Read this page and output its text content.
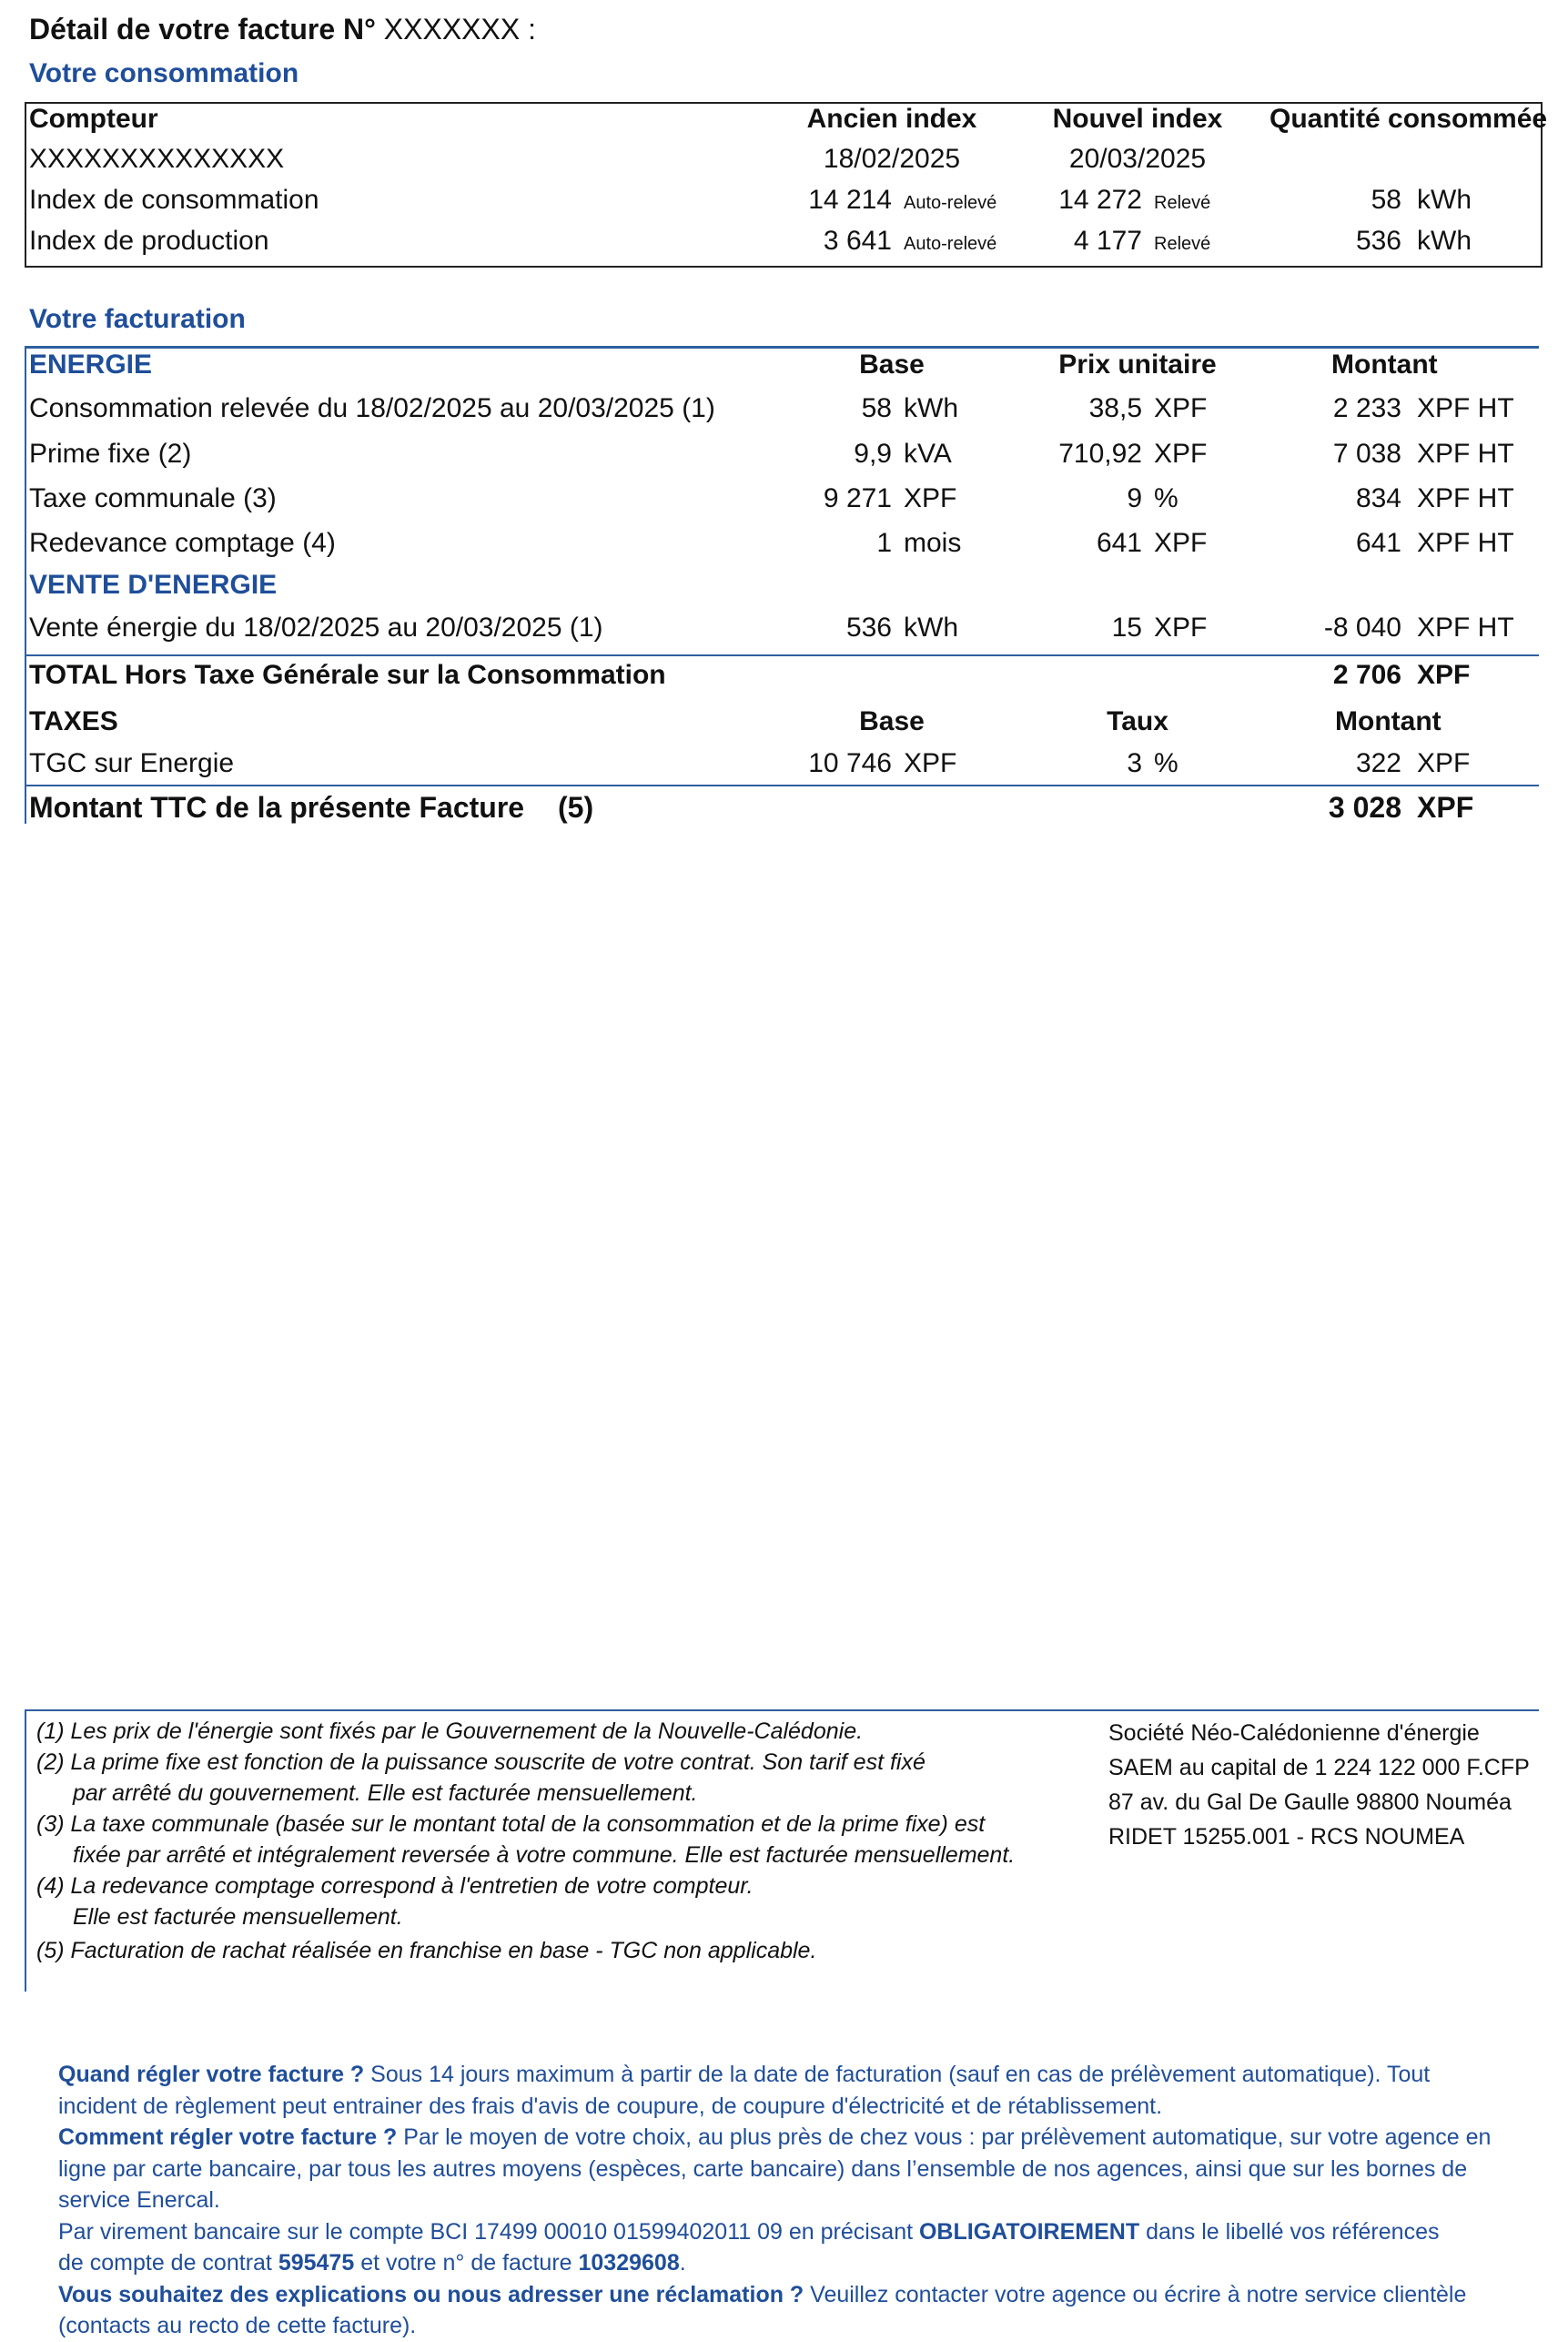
Détail de votre facture N° XXXXXXX :
Votre consommation
Compteur	Ancien index	Nouvel index	Quantité consommée
XXXXXXXXXXXXXX	18/02/2025	20/03/2025
Index de consommation	14 214 Auto-relevé	14 272 Relevé	58 kWh
Index de production	3 641 Auto-relevé	4 177 Relevé	536 kWh
Votre facturation
ENERGIE	Base	Prix unitaire	Montant
Consommation relevée du 18/02/2025 au 20/03/2025 (1)	58 kWh	38,5 XPF	2 233 XPF HT
Prime fixe (2)	9,9 kVA	710,92 XPF	7 038 XPF HT
Taxe communale (3)	9 271 XPF	9 %	834 XPF HT
Redevance comptage (4)	1 mois	641 XPF	641 XPF HT
VENTE D'ENERGIE
Vente énergie du 18/02/2025 au 20/03/2025 (1)	536 kWh	15 XPF	-8 040 XPF HT
TOTAL Hors Taxe Générale sur la Consommation	2 706 XPF
TAXES	Base	Taux	Montant
TGC sur Energie	10 746 XPF	3 %	322 XPF
Montant TTC de la présente Facture (5)	3 028 XPF
(1) Les prix de l'énergie sont fixés par le Gouvernement de la Nouvelle-Calédonie.
(2) La prime fixe est fonction de la puissance souscrite de votre contrat. Son tarif est fixé
par arrêté du gouvernement. Elle est facturée mensuellement.
(3) La taxe communale (basée sur le montant total de la consommation et de la prime fixe) est
fixée par arrêté et intégralement reversée à votre commune. Elle est facturée mensuellement.
(4) La redevance comptage correspond à l'entretien de votre compteur.
Elle est facturée mensuellement.
(5) Facturation de rachat réalisée en franchise en base - TGC non applicable.
Société Néo-Calédonienne d'énergie
SAEM au capital de 1 224 122 000 F.CFP
87 av. du Gal De Gaulle 98800 Nouméa
RIDET 15255.001 - RCS NOUMEA
Quand régler votre facture ? Sous 14 jours maximum à partir de la date de facturation (sauf en cas de prélèvement automatique). Tout
incident de règlement peut entrainer des frais d'avis de coupure, de coupure d'électricité et de rétablissement.
Comment régler votre facture ? Par le moyen de votre choix, au plus près de chez vous : par prélèvement automatique, sur votre agence en
ligne par carte bancaire, par tous les autres moyens (espèces, carte bancaire) dans l’ensemble de nos agences, ainsi que sur les bornes de
service Enercal.
Par virement bancaire sur le compte BCI 17499 00010 01599402011 09 en précisant OBLIGATOIREMENT dans le libellé vos références
de compte de contrat 595475 et votre n° de facture 10329608.
Vous souhaitez des explications ou nous adresser une réclamation ? Veuillez contacter votre agence ou écrire à notre service clientèle
(contacts au recto de cette facture).
